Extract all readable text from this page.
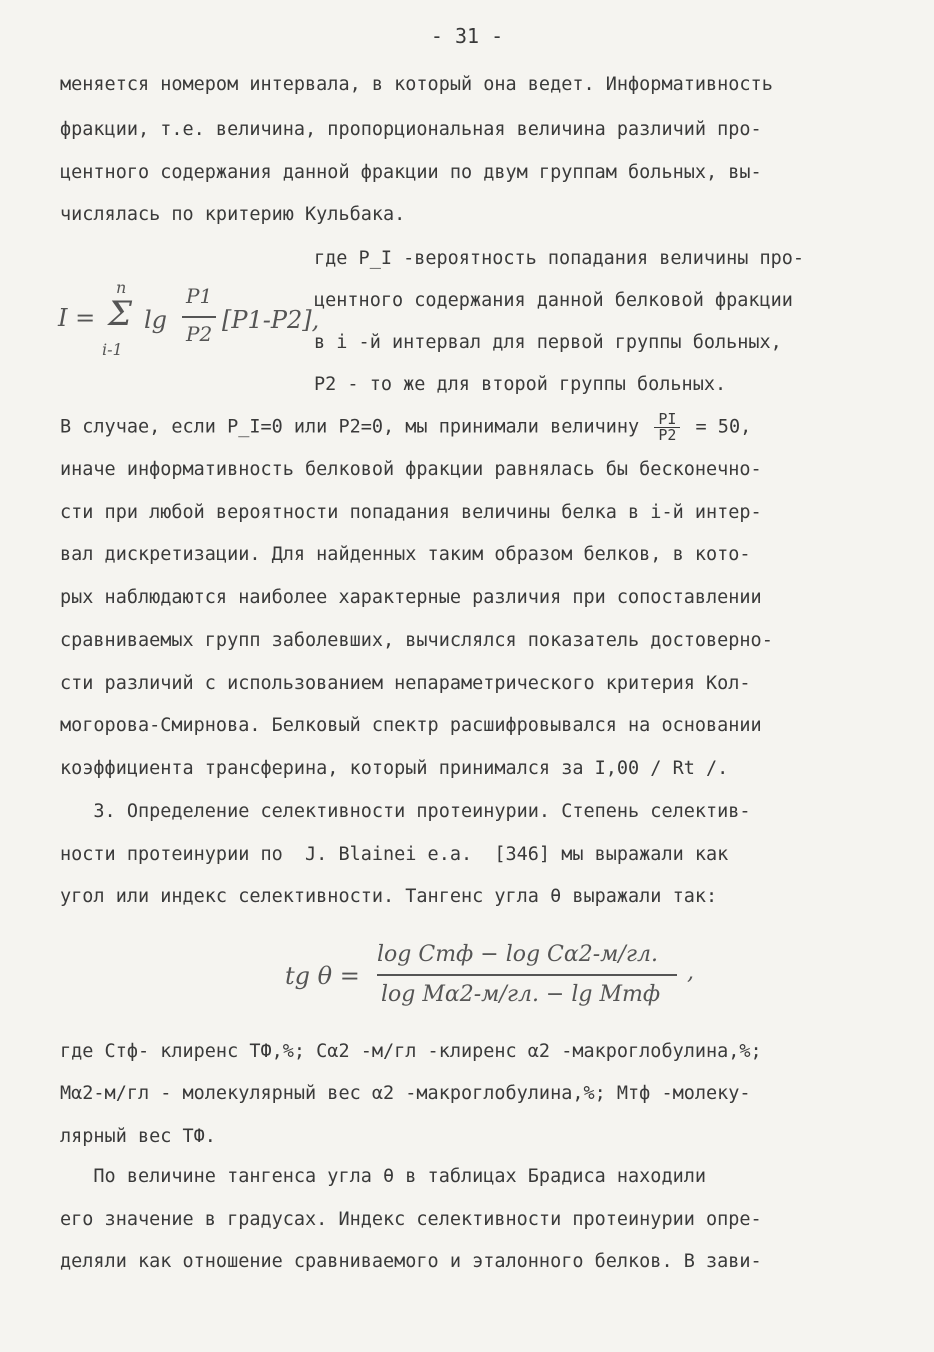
- 31 -
меняется номером интервала, в который она ведет. Информативность
фракции, т.е. величина, пропорциональная величина различий про-
центного содержания данной фракции по двум группам больных, вы-
числялась по критерию Кульбака.
I =
n
Σ
i-1
lg
P1
P2 [P1-P2],
где P_I -вероятность попадания величины про-
центного содержания данной белковой фракции
в i -й интервал для первой группы больных,
P2 - то же для второй группы больных.
В случае, если P_I=0 или P2=0, мы принимали величину $\frac{PI}{P2} = 50$,
иначе информативность белковой фракции равнялась бы бесконечно-
сти при любой вероятности попадания величины белка в i-й интер-
вал дискретизации. Для найденных таким образом белков, в кото-
рых наблюдаются наиболее характерные различия при сопоставлении
сравниваемых групп заболевших, вычислялся показатель достоверно-
сти различий с использованием непараметрического критерия Кол-
могорова-Смирнова. Белковый спектр расшифровывался на основании
коэффициента трансферина, который принимался за I,00 / Rt /.
3. Определение селективности протеинурии. Степень селектив-
ности протеинурии по  J. Blainei e.a.  [346] мы выражали как
угол или индекс селективности. Тангенс угла θ выражали так:
tg θ =
log Cтф − log Cα2-м/гл.
log Mα2-м/гл. − lg Mтф
,
где Cтф- клиренс ТФ,%; Cα2 -м/гл -клиренс α2 -макроглобулина,%;
Mα2-м/гл - молекулярный вес α2 -макроглобулина,%; Mтф -молеку-
лярный вес ТФ.
По величине тангенса угла θ в таблицах Брадиса находили
его значение в градусах. Индекс селективности протеинурии опре-
деляли как отношение сравниваемого и эталонного белков. В зави-
